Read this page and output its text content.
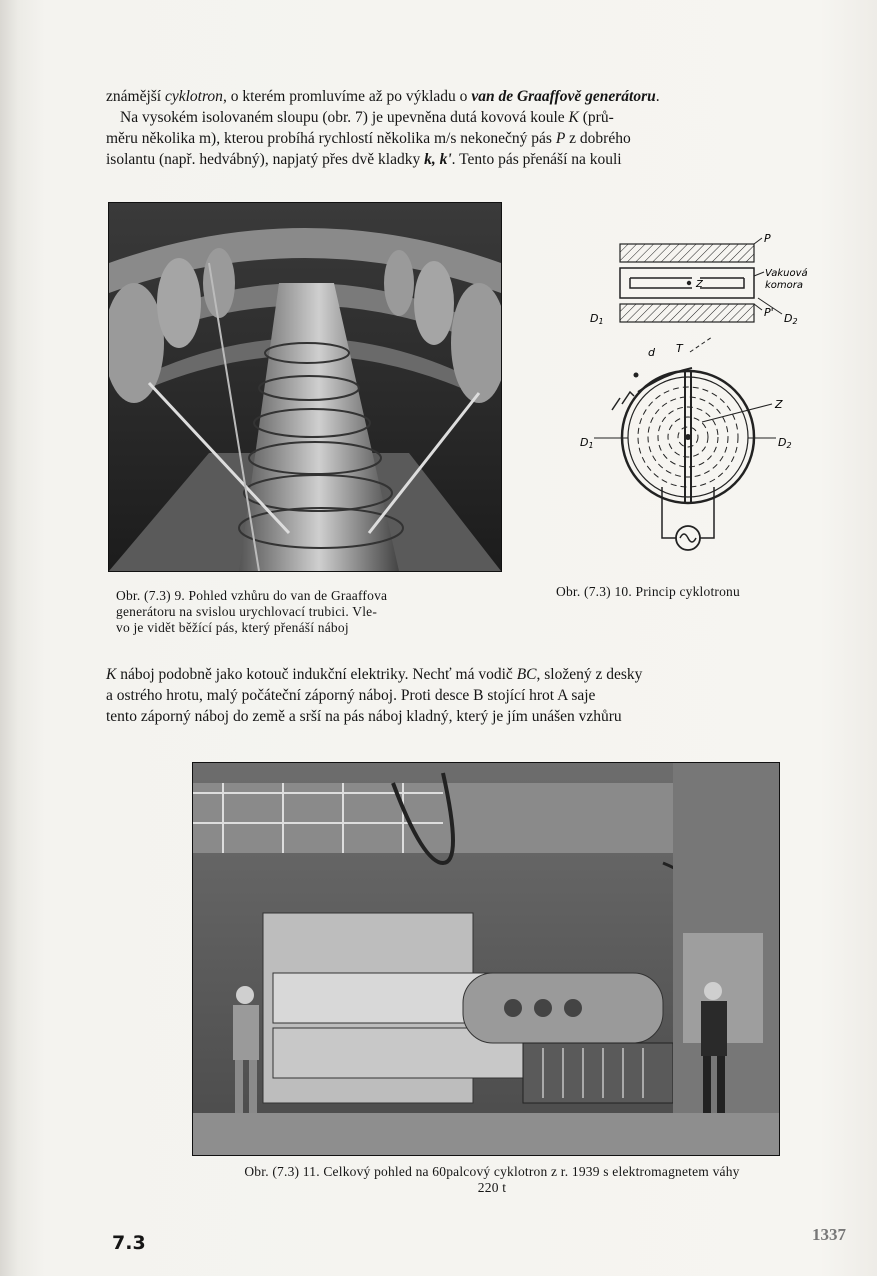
známější cyklotron, o kterém promluvíme až po výkladu o van de Graaffově generátoru.
Na vysokém isolovaném sloupu (obr. 7) je upevněna dutá kovová koule K (prů-
měru několika m), kterou probíhá rychlostí několika m/s nekonečný pás P z dobrého
isolantu (např. hedvábný), napjatý přes dvě kladky k, k'. Tento pás přenáší na kouli
P
Vakuová
komora
Z
D1
P' D2
d T
Z
D1	D2
Obr. (7.3) 9. Pohled vzhůru do van de Graaffova
generátoru na svislou urychlovací trubici. Vle-
vo je vidět běžící pás, který přenáší náboj
Obr. (7.3) 10. Princip cyklotronu
K náboj podobně jako kotouč indukční elektriky. Nechť má vodič BC, složený z desky
a ostrého hrotu, malý počáteční záporný náboj. Proti desce B stojící hrot A saje
tento záporný náboj do země a srší na pás náboj kladný, který je jím unášen vzhůru
Obr. (7.3) 11. Celkový pohled na 60palcový cyklotron z r. 1939 s elektromagnetem váhy
220 t
7.3	1337
